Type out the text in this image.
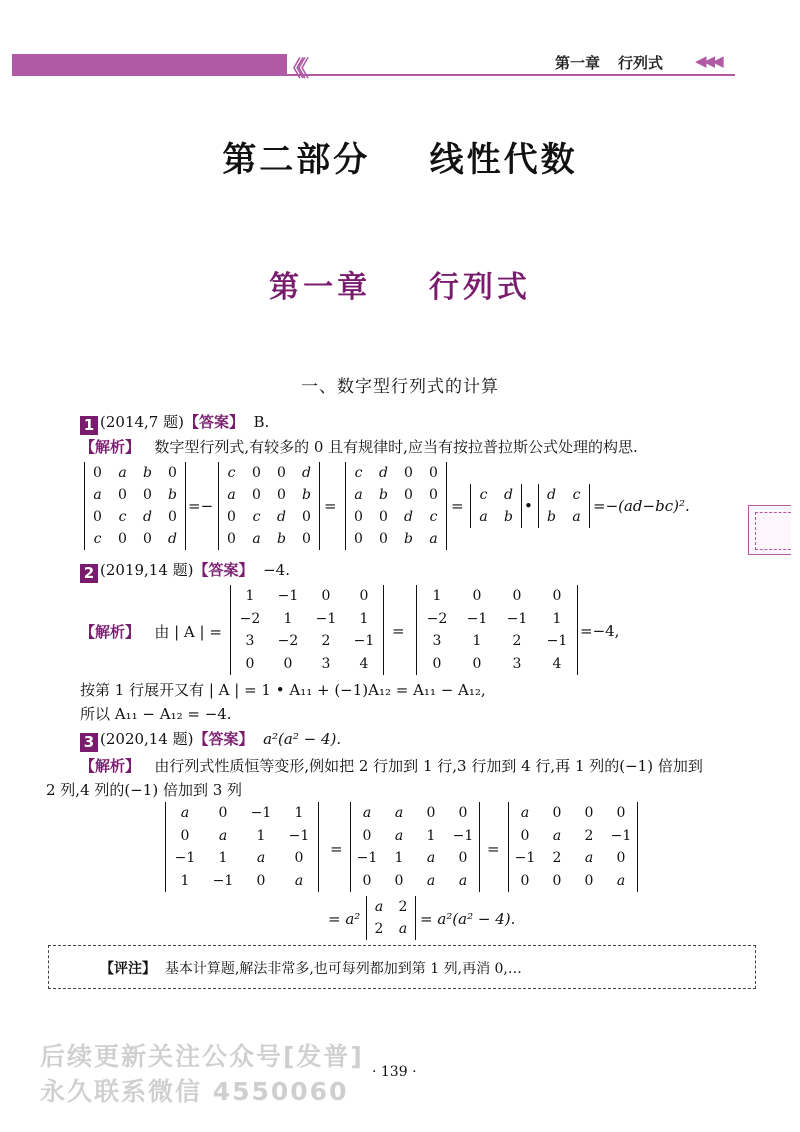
《《	第一章 行列式 ◀◀◀
第二部分    线性代数
第一章    行列式
一、数字型行列式的计算
1 (2014,7 题)【答案】 B.
【解析】 数字型行列式,有较多的 0 且有规律时,应当有按拉普拉斯公式处理的构思.
0	a	b	0
a	0	0	b
0	c	d	0
c	0	0	d
=−
c	0	0	d
a	0	0	b
0	c	d	0
0	a	b	0
=
c	d	0	0
a	b	0	0
0	0	d	c
0	0	b	a
=
c	d
a	b
•
d	c
b	a
=−(ad−bc)².
2 (2019,14 题)【答案】 −4.
【解析】 由 | A | =
1	−1	0	0
−2	1	−1	1
3	−2	2	−1
0	0	3	4
=
1	0	0	0
−2 −1 −1	1
3	1	2	−1
0	0	3	4
=−4,
按第 1 行展开又有 | A | = 1 • A₁₁ + (−1)A₁₂ = A₁₁ − A₁₂,
所以 A₁₁ − A₁₂ = −4.
3 (2020,14 题)【答案】 a²(a² − 4).
【解析】 由行列式性质恒等变形,例如把 2 行加到 1 行,3 行加到 4 行,再 1 列的(−1) 倍加到
2 列,4 列的(−1) 倍加到 3 列
a	0	−1	1
0	a	1	−1
−1	1	a	0
1	−1	0	a
=
a	a	0	0
0	a	1	−1
−1	1	a	0
0	0	a	a
=
a	0	0	0
0	a	2	−1
−1	2	a	0
0	0	0	a
= a²
a	2
2	a
= a²(a² − 4).
【评注】 基本计算题,解法非常多,也可每列都加到第 1 列,再消 0,…
后续更新关注公众号[发普]
永久联系微信 4550060
· 139 ·
